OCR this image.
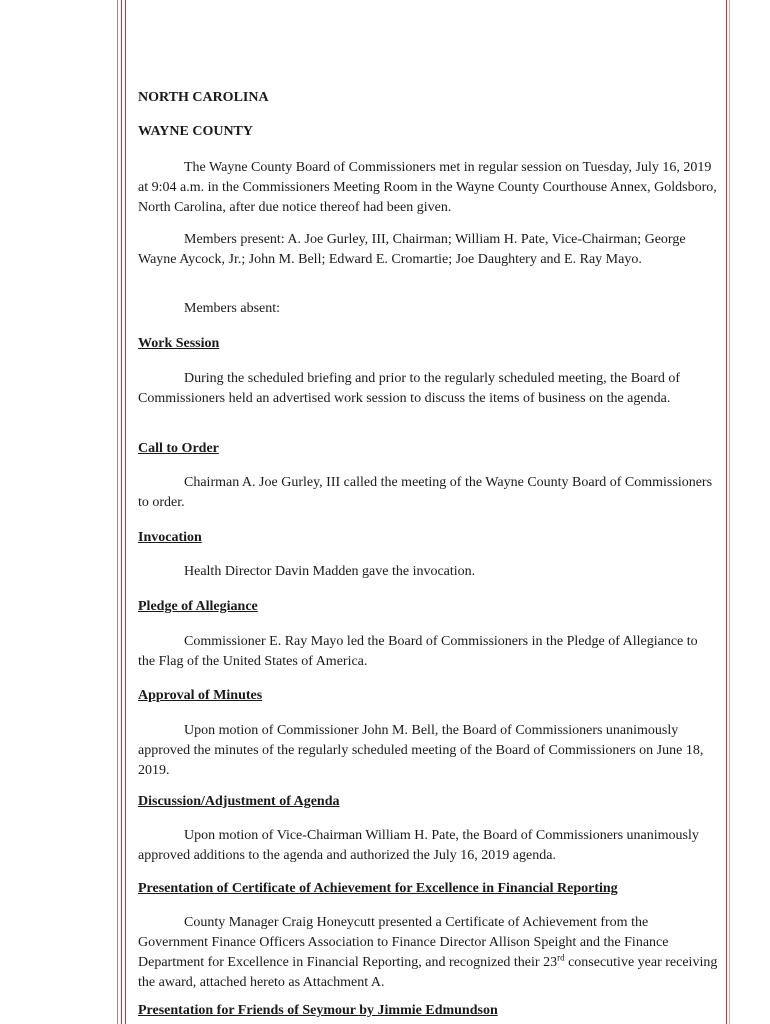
NORTH CAROLINA

WAYNE COUNTY

The Wayne County Board of Commissioners met in regular session on Tuesday, July 16, 2019 at 9:04 a.m. in the Commissioners Meeting Room in the Wayne County Courthouse Annex, Goldsboro, North Carolina, after due notice thereof had been given.

Members present: A. Joe Gurley, III, Chairman; William H. Pate, Vice-Chairman; George Wayne Aycock, Jr.; John M. Bell; Edward E. Cromartie; Joe Daughtery and E. Ray Mayo.

Members absent:

Work Session

During the scheduled briefing and prior to the regularly scheduled meeting, the Board of Commissioners held an advertised work session to discuss the items of business on the agenda.

Call to Order

Chairman A. Joe Gurley, III called the meeting of the Wayne County Board of Commissioners to order.

Invocation

Health Director Davin Madden gave the invocation.

Pledge of Allegiance

Commissioner E. Ray Mayo led the Board of Commissioners in the Pledge of Allegiance to the Flag of the United States of America.

Approval of Minutes

Upon motion of Commissioner John M. Bell, the Board of Commissioners unanimously approved the minutes of the regularly scheduled meeting of the Board of Commissioners on June 18, 2019.

Discussion/Adjustment of Agenda

Upon motion of Vice-Chairman William H. Pate, the Board of Commissioners unanimously approved additions to the agenda and authorized the July 16, 2019 agenda.

Presentation of Certificate of Achievement for Excellence in Financial Reporting

County Manager Craig Honeycutt presented a Certificate of Achievement from the Government Finance Officers Association to Finance Director Allison Speight and the Finance Department for Excellence in Financial Reporting, and recognized their 23rd consecutive year receiving the award, attached hereto as Attachment A.

Presentation for Friends of Seymour by Jimmie Edmundson
